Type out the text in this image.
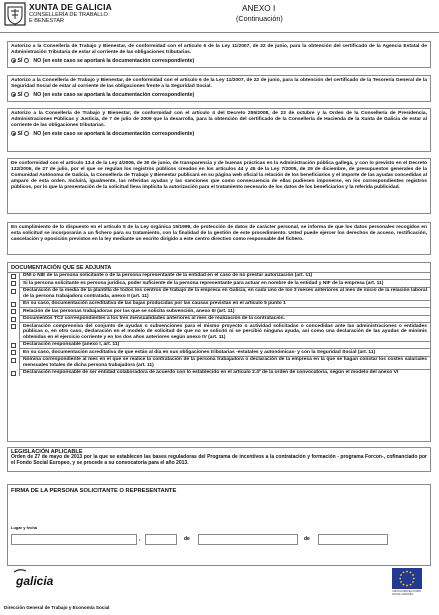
XUNTA DE GALICIA
CONSELLERÍA DE TRABALLO
E BENESTAR
ANEXO I
(Continuación)
Autorizo a la Consellería de Trabajo y Bienestar, de conformidad con el artículo 6 de la Ley 11/2007, de 22 de junio, para la obtención del certificado de la Agencia Estatal de Administración Tributaria de estar al corriente de las obligaciones tributarias.
SÍ NO (en este caso se aportará la documentación correspondiente)
Autorizo a la Consellería de Trabajo y Bienestar, de conformidad con el artículo 6 de la Ley 11/2007, de 22 de junio, para la obtención del certificado de la Tesorería General de la Seguridad Social de estar al corriente de las obligaciones frente a la Seguridad Social.
SÍ NO (en este caso se aportará la documentación correspondiente)
Autorizo a la Consellería de Trabajo y Bienestar, de conformidad con el artículo 4 del Decreto 255/2008, de 23 de octubre y la Orden de la Consellería de Presidencia, Administraciones Públicas y Justicia, de 7 de julio de 2009 que la desarrolla, para la obtención del certificado de la Consellería de Hacienda de la Xunta de Galicia de estar al corriente de las obligaciones tributarias.
SÍ NO (en este caso se aportará la documentación correspondiente)
De conformidad con el artículo 13.4 de la Ley 4/2006, de 30 de junio, de transparencia y de buenas prácticas en la Administración pública gallega, y con lo previsto en el Decreto 132/2006, de 27 de julio, por el que se regulan los registros públicos creados en los artículos 44 y 45 de la Ley 7/2005, de 29 de diciembre, de presupuestos generales de la Comunidad Autónoma de Galicia, la Consellería de Trabajo y Bienestar publicará en su página web oficial la relación de los beneficiarios y el importe de las ayudas concedidas al amparo de esta orden. Incluirá, igualmente, las referidas ayudas y las sanciones que como consecuencia de ellas pudiesen imponerse, en los correspondientes registros públicos, por lo que la presentación de la solicitud lleva implícita la autorización para el tratamiento necesario de los datos de los beneficiarios y la referida publicidad.
En cumplimiento de lo dispuesto en el artículo 5 de la Ley orgánica 15/1999, de protección de datos de carácter personal, se informa de que los datos personales recogidos en esta solicitud se incorporarán a un fichero para su tratamiento, con la finalidad de la gestión de este procedimiento. Usted puede ejercer los derechos de acceso, rectificación, cancelación y oposición previstos en la ley mediante un escrito dirigido a este centro directivo como responsable del fichero.
DOCUMENTACIÓN QUE SE ADJUNTA
DNI o NIE de la persona solicitante o de la persona representante de la entidad en el caso de no prestar autorización (art. 11)
Si la persona solicitante es persona jurídica, poder suficiente de la persona representante para actuar en nombre de la entidad y NIF de la empresa (art. 11)
Declaración de la media de la plantilla de todos los centros de trabajo de la empresa en Galicia, en cada uno de los 3 meses anteriores al mes de inicio de la relación laboral de la persona trabajadora contratada, anexo II (art. 11)
En su caso, documentación acreditativa de las bajas producidas por las causas previstas en el artículo 5 punto 1
Relación de las personas trabajadoras por las que se solicita subvención, anexo III (art. 11)
Documentos TC2 correspondientes a los tres mensualidades anteriores al mes de realización de la contratación.
Declaración comprensiva del conjunto de ayudas o subvenciones para el mismo proyecto o actividad solicitadas o concedidas ante las administraciones o entidades públicas o, en otro caso, declaración en el modelo de solicitud de que no se solicitó ni se percibió ninguna ayuda, así como una declaración de las ayudas de minimis obtenidas en el ejercicio corriente y en los dos años anteriores según anexo IV (art. 11)
Declaración responsable (anexo I, art. 11)
En su caso, documentación acreditativa de que están al día en sus obligaciones tributarias -estatales y autonómicas- y con la Seguridad Social (art. 11)
Nómina correspondiente al mes en el que se realice la contratación de la persona trabajadora o declaración de la empresa en la que se hagan constar los costes salariales mensuales totales de dicha persona trabajadora (art. 11)
Declaración responsable de ser entidad colaboradora de acuerdo con lo establecido en el artículo 2.4º de la orden de convocatoria, según el modelo del anexo VI
LEGISLACIÓN APLICABLE
Orden de 27 de mayo de 2013 por la que se establecen las bases reguladoras del Programa de incentivos a la contratación y formación - programa Forcon-, cofinanciado por el Fondo Social Europeo, y se procede a su convocatoria para el año 2013.
FIRMA DE LA PERSONA SOLICITANTE O REPRESENTANTE
Lugar y fecha
,	de	de
galicia
UNIÓN EUROPEA FONDO SOCIAL EUROPEO
Dirección General de Trabajo y Economía Social
